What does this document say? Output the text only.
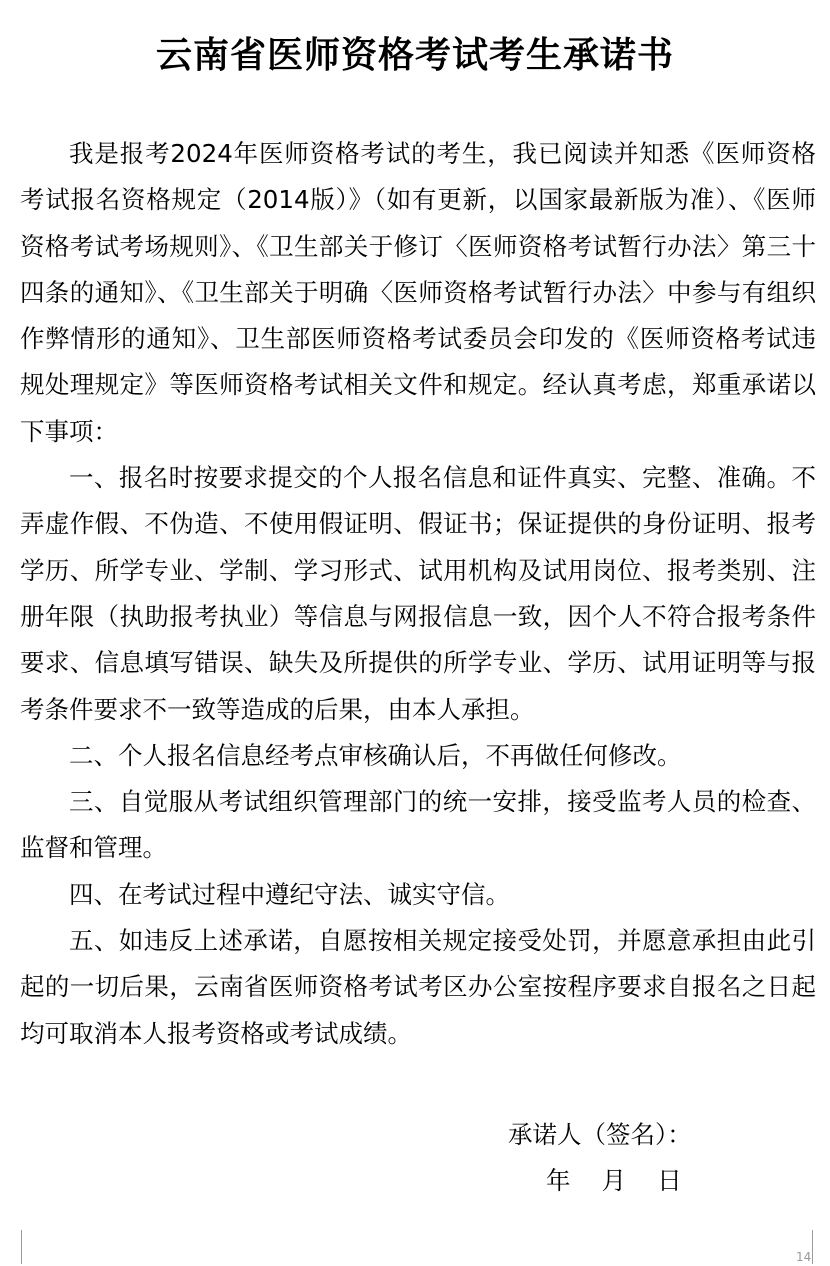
云南省医师资格考试考生承诺书

我是报考2024年医师资格考试的考生，我已阅读并知悉《医师资格考试报名资格规定（2014版）》（如有更新，以国家最新版为准）、《医师资格考试考场规则》、《卫生部关于修订〈医师资格考试暂行办法〉第三十四条的通知》、《卫生部关于明确〈医师资格考试暂行办法〉中参与有组织作弊情形的通知》、卫生部医师资格考试委员会印发的《医师资格考试违规处理规定》等医师资格考试相关文件和规定。经认真考虑，郑重承诺以下事项：

一、报名时按要求提交的个人报名信息和证件真实、完整、准确。不弄虚作假、不伪造、不使用假证明、假证书；保证提供的身份证明、报考学历、所学专业、学制、学习形式、试用机构及试用岗位、报考类别、注册年限（执助报考执业）等信息与网报信息一致，因个人不符合报考条件要求、信息填写错误、缺失及所提供的所学专业、学历、试用证明等与报考条件要求不一致等造成的后果，由本人承担。

二、个人报名信息经考点审核确认后，不再做任何修改。

三、自觉服从考试组织管理部门的统一安排，接受监考人员的检查、监督和管理。

四、在考试过程中遵纪守法、诚实守信。

五、如违反上述承诺，自愿按相关规定接受处罚，并愿意承担由此引起的一切后果，云南省医师资格考试考区办公室按程序要求自报名之日起均可取消本人报考资格或考试成绩。

承诺人（签名）：
年    月    日
14
